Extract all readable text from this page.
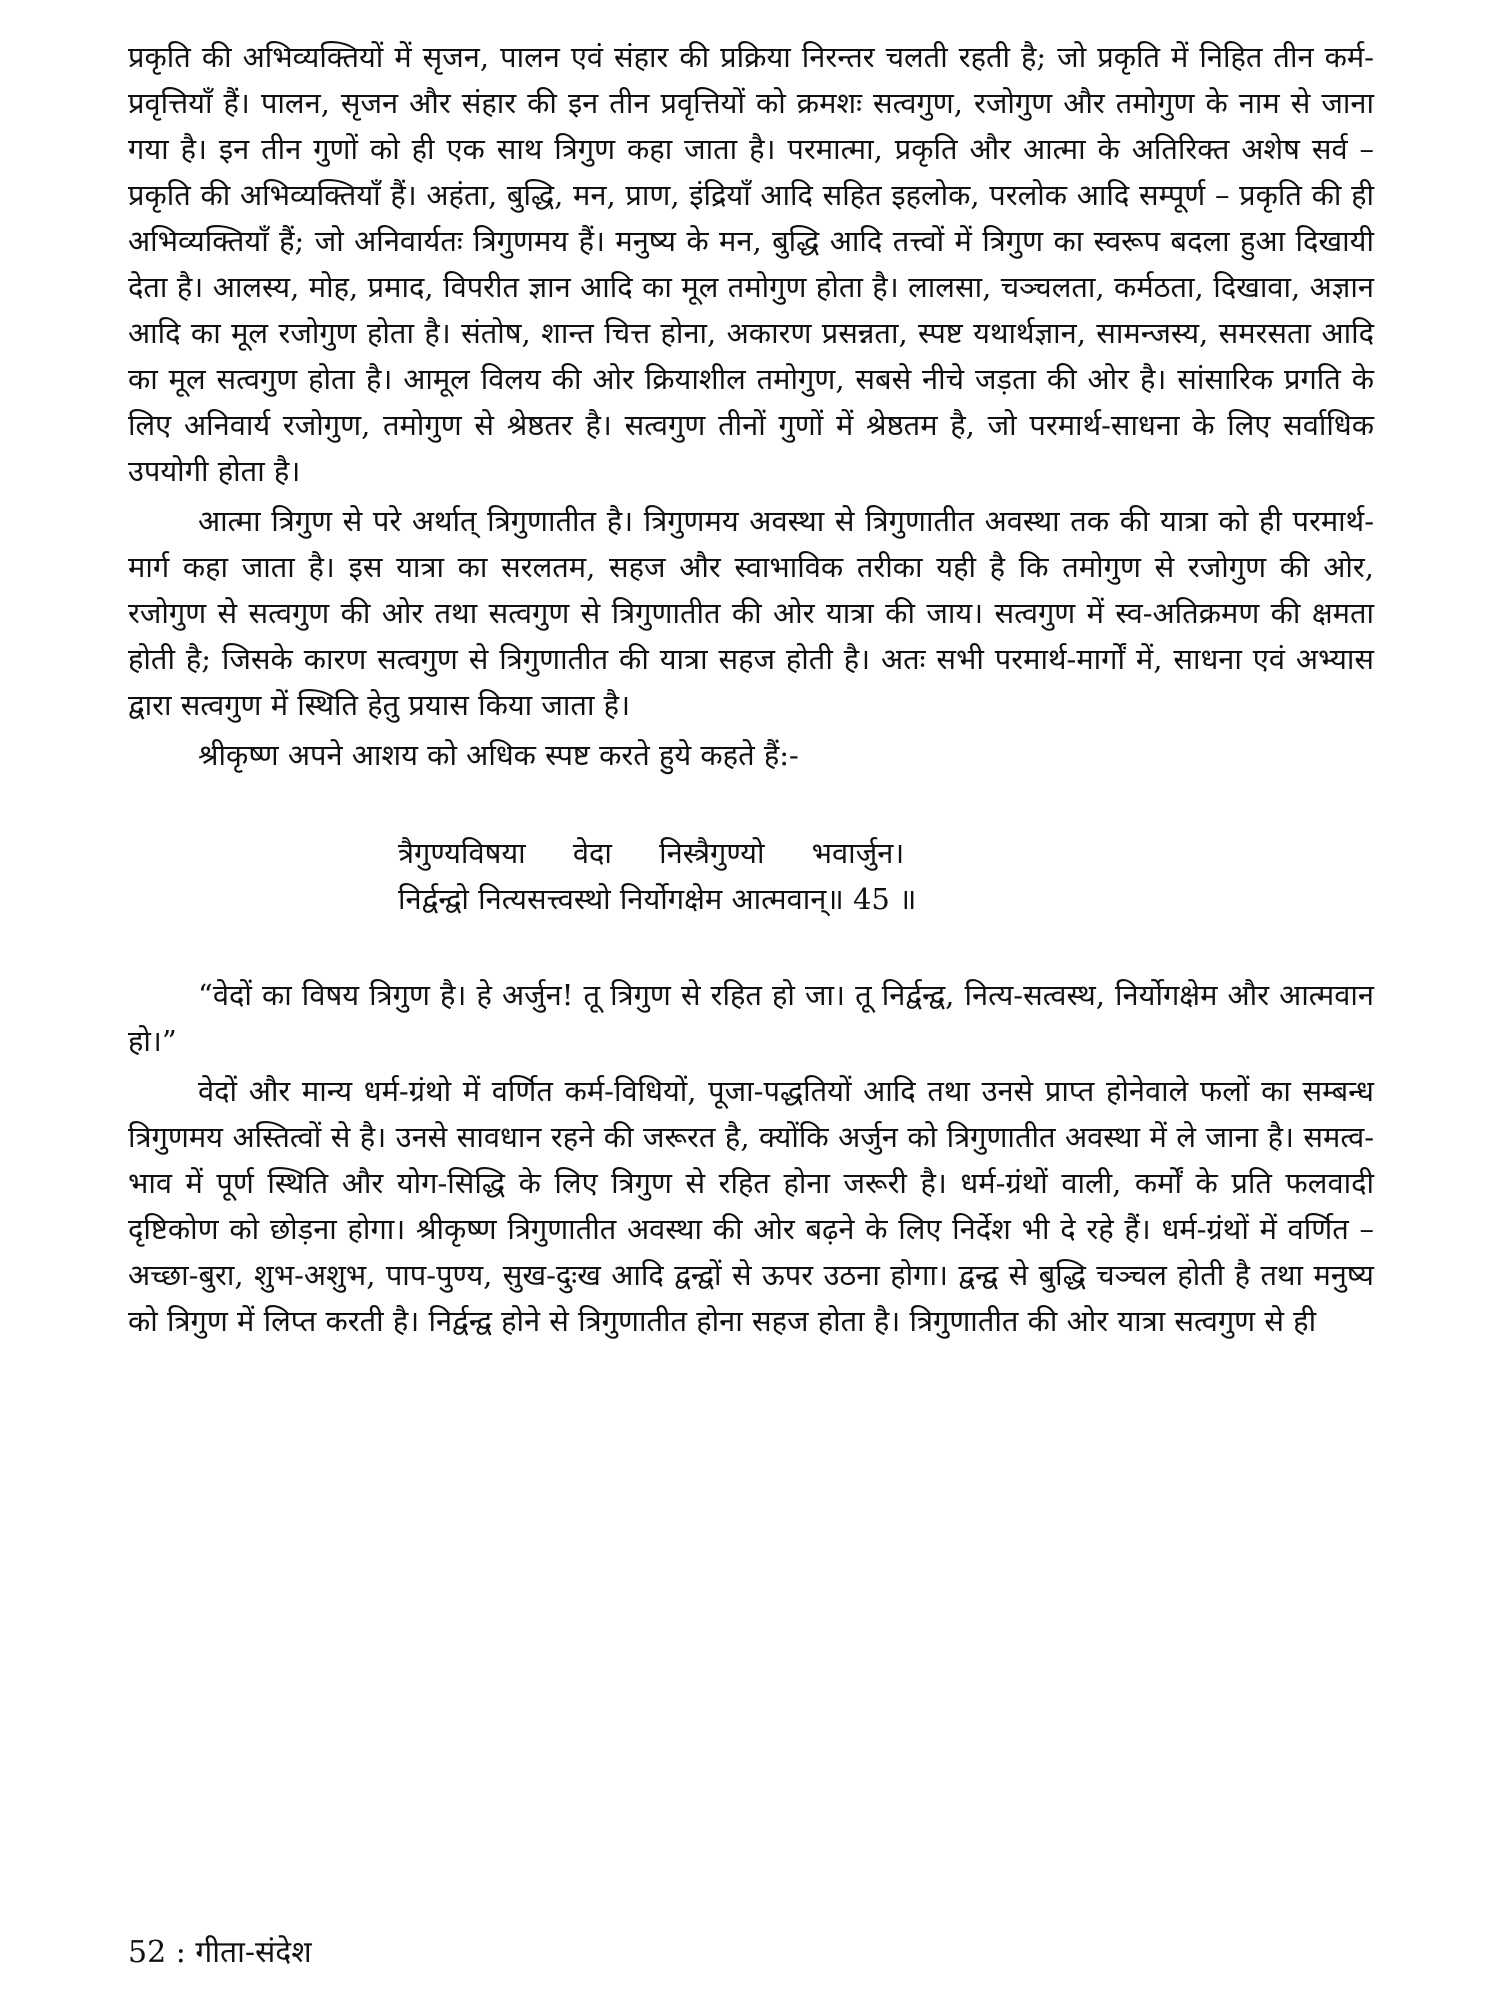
प्रकृति की अभिव्यक्तियों में सृजन, पालन एवं संहार की प्रक्रिया निरन्तर चलती रहती है; जो प्रकृति में निहित तीन कर्म-प्रवृत्तियाँ हैं। पालन, सृजन और संहार की इन तीन प्रवृत्तियों को क्रमशः सत्वगुण, रजोगुण और तमोगुण के नाम से जाना गया है। इन तीन गुणों को ही एक साथ त्रिगुण कहा जाता है। परमात्मा, प्रकृति और आत्मा के अतिरिक्त अशेष सर्व – प्रकृति की अभिव्यक्तियाँ हैं। अहंता, बुद्धि, मन, प्राण, इंद्रियाँ आदि सहित इहलोक, परलोक आदि सम्पूर्ण – प्रकृति की ही अभिव्यक्तियाँ हैं; जो अनिवार्यतः त्रिगुणमय हैं। मनुष्य के मन, बुद्धि आदि तत्त्वों में त्रिगुण का स्वरूप बदला हुआ दिखायी देता है। आलस्य, मोह, प्रमाद, विपरीत ज्ञान आदि का मूल तमोगुण होता है। लालसा, चञ्चलता, कर्मठता, दिखावा, अज्ञान आदि का मूल रजोगुण होता है। संतोष, शान्त चित्त होना, अकारण प्रसन्नता, स्पष्ट यथार्थज्ञान, सामन्जस्य, समरसता आदि का मूल सत्वगुण होता है। आमूल विलय की ओर क्रियाशील तमोगुण, सबसे नीचे जड़ता की ओर है। सांसारिक प्रगति के लिए अनिवार्य रजोगुण, तमोगुण से श्रेष्ठतर है। सत्वगुण तीनों गुणों में श्रेष्ठतम है, जो परमार्थ-साधना के लिए सर्वाधिक उपयोगी होता है।

आत्मा त्रिगुण से परे अर्थात् त्रिगुणातीत है। त्रिगुणमय अवस्था से त्रिगुणातीत अवस्था तक की यात्रा को ही परमार्थ-मार्ग कहा जाता है। इस यात्रा का सरलतम, सहज और स्वाभाविक तरीका यही है कि तमोगुण से रजोगुण की ओर, रजोगुण से सत्वगुण की ओर तथा सत्वगुण से त्रिगुणातीत की ओर यात्रा की जाय। सत्वगुण में स्व-अतिक्रमण की क्षमता होती है; जिसके कारण सत्वगुण से त्रिगुणातीत की यात्रा सहज होती है। अतः सभी परमार्थ-मार्गों में, साधना एवं अभ्यास द्वारा सत्वगुण में स्थिति हेतु प्रयास किया जाता है।

श्रीकृष्ण अपने आशय को अधिक स्पष्ट करते हुये कहते हैं:-

त्रैगुण्यविषया वेदा निस्त्रैगुण्यो भवार्जुन।
निर्द्वन्द्वो नित्यसत्त्वस्थो निर्योगक्षेम आत्मवान्॥ 45 ॥

“वेदों का विषय त्रिगुण है। हे अर्जुन! तू त्रिगुण से रहित हो जा। तू निर्द्वन्द्व, नित्य-सत्वस्थ, निर्योगक्षेम और आत्मवान हो।”

वेदों और मान्य धर्म-ग्रंथो में वर्णित कर्म-विधियों, पूजा-पद्धतियों आदि तथा उनसे प्राप्त होनेवाले फलों का सम्बन्ध त्रिगुणमय अस्तित्वों से है। उनसे सावधान रहने की जरूरत है, क्योंकि अर्जुन को त्रिगुणातीत अवस्था में ले जाना है। समत्व-भाव में पूर्ण स्थिति और योग-सिद्धि के लिए त्रिगुण से रहित होना जरूरी है। धर्म-ग्रंथों वाली, कर्मों के प्रति फलवादी दृष्टिकोण को छोड़ना होगा। श्रीकृष्ण त्रिगुणातीत अवस्था की ओर बढ़ने के लिए निर्देश भी दे रहे हैं। धर्म-ग्रंथों में वर्णित – अच्छा-बुरा, शुभ-अशुभ, पाप-पुण्य, सुख-दुःख आदि द्वन्द्वों से ऊपर उठना होगा। द्वन्द्व से बुद्धि चञ्चल होती है तथा मनुष्य को त्रिगुण में लिप्त करती है। निर्द्वन्द्व होने से त्रिगुणातीत होना सहज होता है। त्रिगुणातीत की ओर यात्रा सत्वगुण से ही

52 : गीता-संदेश
